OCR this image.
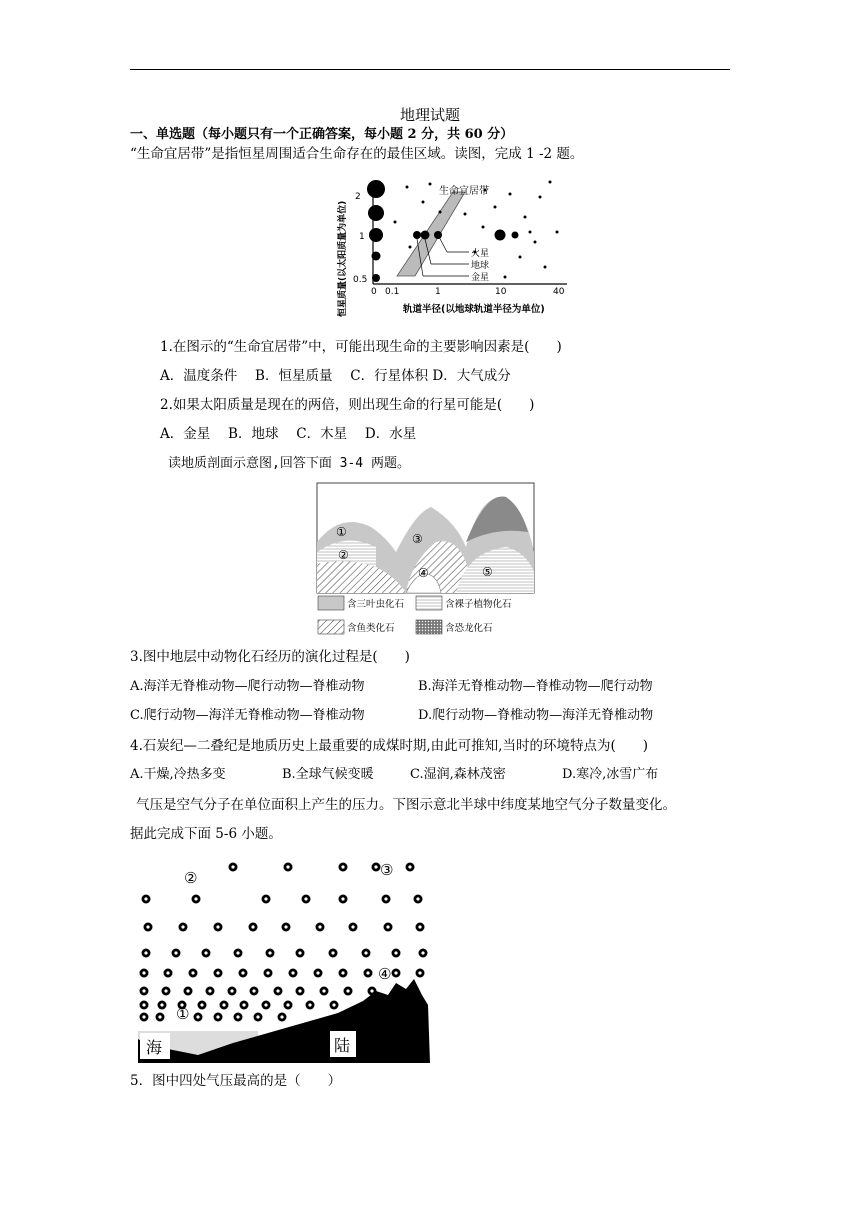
地理试题
一、单选题（每小题只有一个正确答案，每小题 2 分，共 60 分）
“生命宜居带”是指恒星周围适合生命存在的最佳区域。读图，完成 1 -2 题。
生命宜居带
火星
地球
金星
2
1
0.5
0 0.1	1	10	40
轨道半径(以地球轨道半径为单位)
恒星质量(以太阳质量为单位)
1.在图示的“生命宜居带”中，可能出现生命的主要影响因素是(　　)
A．温度条件　 B．恒星质量　 C．行星体积 D．大气成分
2.如果太阳质量是现在的两倍，则出现生命的行星可能是(　　)
A．金星　 B．地球　 C．木星　 D．水星
读地质剖面示意图,回答下面 3-4 两题。
①
②
③
④	⑤
含三叶虫化石	含裸子植物化石
含鱼类化石	含恐龙化石
3.图中地层中动物化石经历的演化过程是(　　)
A.海洋无脊椎动物—爬行动物—脊椎动物	B.海洋无脊椎动物—脊椎动物—爬行动物
C.爬行动物—海洋无脊椎动物—脊椎动物	D.爬行动物—脊椎动物—海洋无脊椎动物
4.石炭纪—二叠纪是地质历史上最重要的成煤时期,由此可推知,当时的环境特点为(　　)
A.干燥,冷热多变	B.全球气候变暖	C.湿润,森林茂密	D.寒冷,冰雪广布
气压是空气分子在单位面积上产生的压力。下图示意北半球中纬度某地空气分子数量变化。
据此完成下面 5-6 小题。
海	陆
①
②	③
④
5．图中四处气压最高的是（　　）
